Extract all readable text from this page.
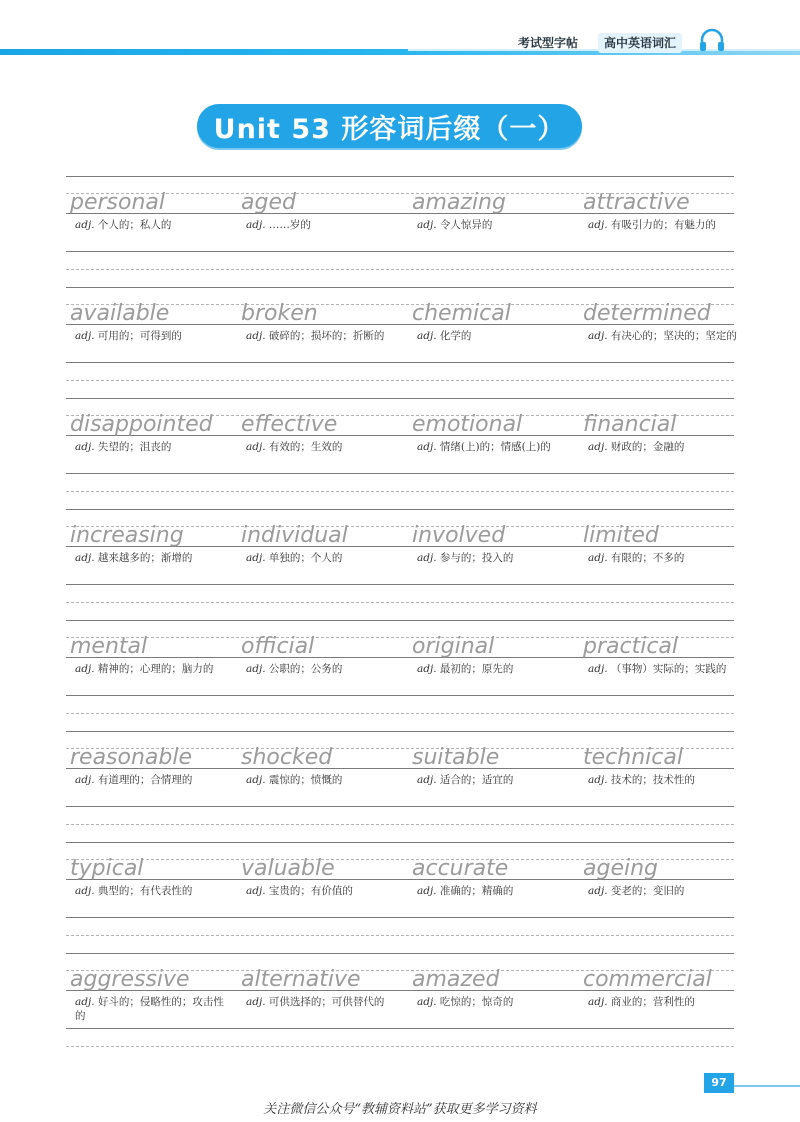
考试型字帖	高中英语词汇
Unit 53 形容词后缀（一）
personal
adj. 个人的；私人的
aged
adj. ……岁的
amazing
adj. 令人惊异的
attractive
adj. 有吸引力的；有魅力的
available
adj. 可用的；可得到的
broken
adj. 破碎的；损坏的；折断的
chemical
adj. 化学的
determined
adj. 有决心的；坚决的；坚定的
disappointed
adj. 失望的；沮丧的
effective
adj. 有效的；生效的
emotional
adj. 情绪(上)的；情感(上)的
financial
adj. 财政的；金融的
increasing
adj. 越来越多的；渐增的
individual
adj. 单独的；个人的
involved
adj. 参与的；投入的
limited
adj. 有限的；不多的
mental
adj. 精神的；心理的；脑力的
official
adj. 公职的；公务的
original
adj. 最初的；原先的
practical
adj. （事物）实际的；实践的
reasonable
adj. 有道理的；合情理的
shocked
adj. 震惊的；愤慨的
suitable
adj. 适合的；适宜的
technical
adj. 技术的；技术性的
typical
adj. 典型的；有代表性的
valuable
adj. 宝贵的；有价值的
accurate
adj. 准确的；精确的
ageing
adj. 变老的；变旧的
aggressive
adj. 好斗的；侵略性的；攻击性的
alternative
adj. 可供选择的；可供替代的
amazed
adj. 吃惊的；惊奇的
commercial
adj. 商业的；营利性的
97
关注微信公众号“教辅资料站”获取更多学习资料
